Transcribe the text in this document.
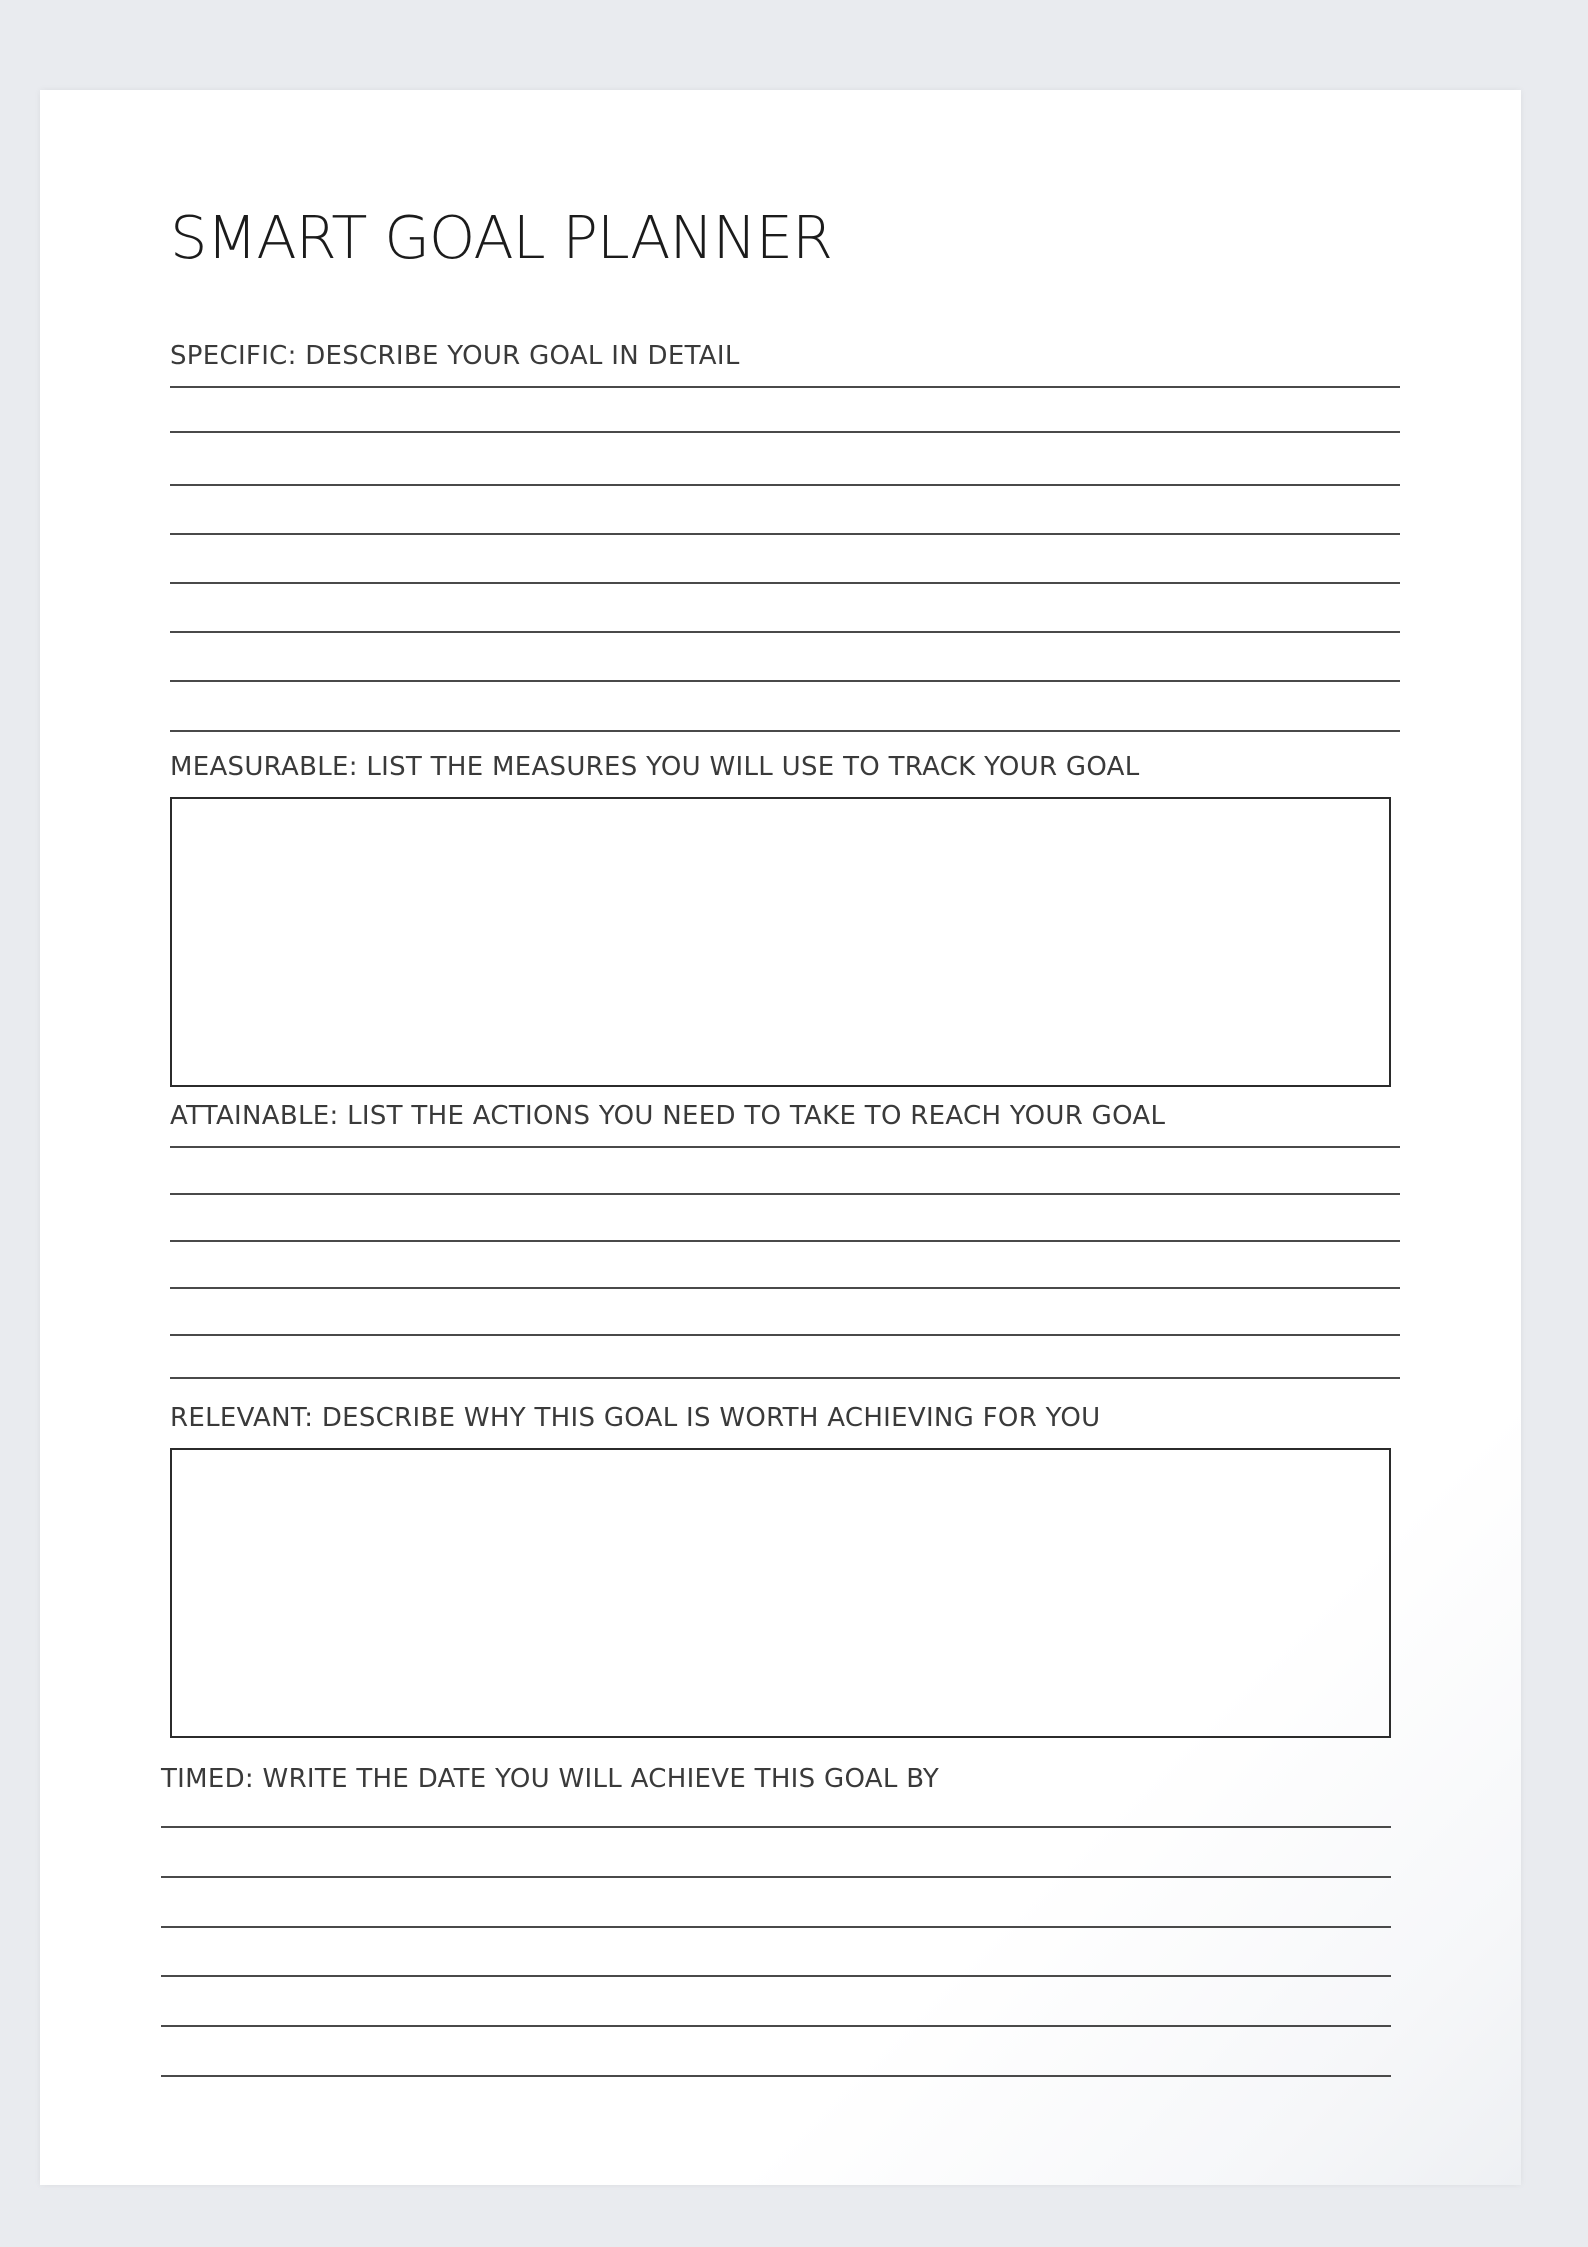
SMART GOAL PLANNER
SPECIFIC: DESCRIBE YOUR GOAL IN DETAIL
MEASURABLE: LIST THE MEASURES YOU WILL USE TO TRACK YOUR GOAL
ATTAINABLE: LIST THE ACTIONS YOU NEED TO TAKE TO REACH YOUR GOAL
RELEVANT: DESCRIBE WHY THIS GOAL IS WORTH ACHIEVING FOR YOU
TIMED: WRITE THE DATE YOU WILL ACHIEVE THIS GOAL BY
